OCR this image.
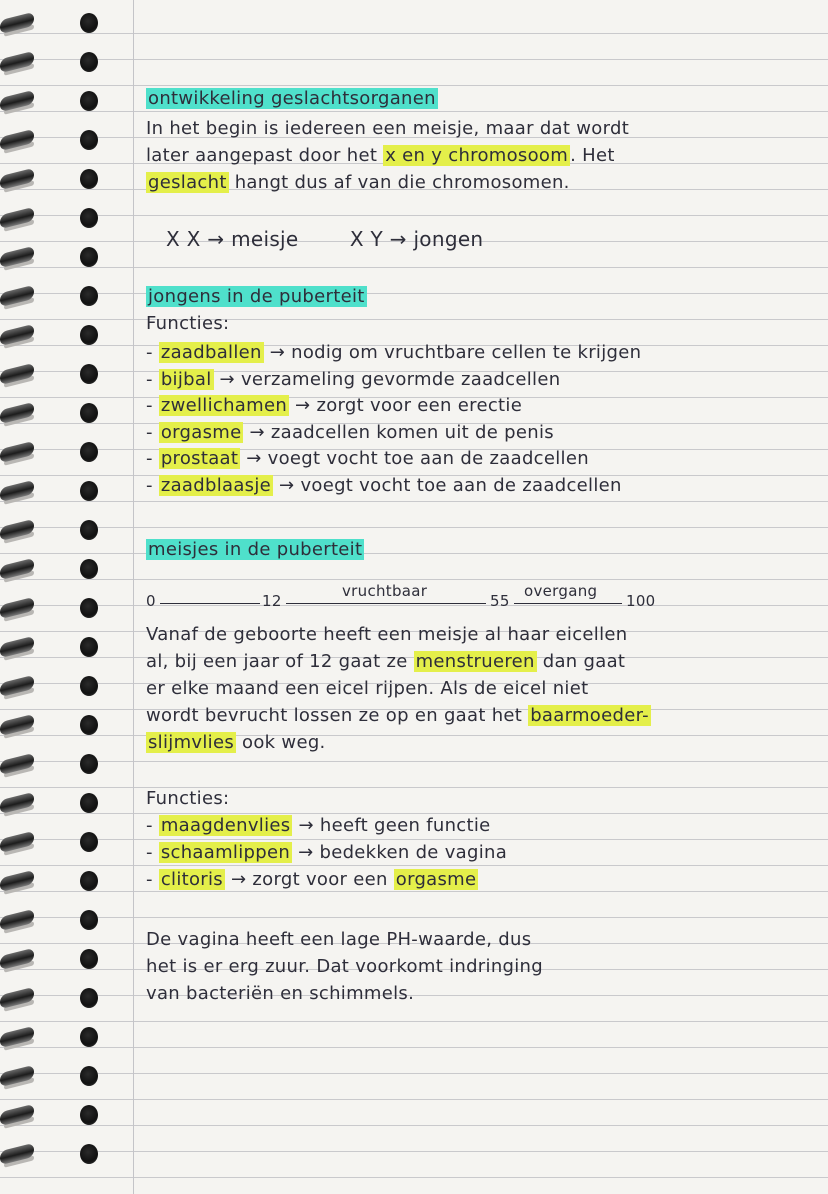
ontwikkeling geslachtsorganen
In het begin is iedereen een meisje, maar dat wordt
later aangepast door het x en y chromosoom . Het
geslacht hangt dus af van die chromosomen.
X X → meisje	X Y → jongen
jongens in de puberteit
Functies:
- zaadballen → nodig om vruchtbare cellen te krijgen
- bijbal → verzameling gevormde zaadcellen
- zwellichamen → zorgt voor een erectie
- orgasme → zaadcellen komen uit de penis
- prostaat → voegt vocht toe aan de zaadcellen
- zaadblaasje → voegt vocht toe aan de zaadcellen
meisjes in de puberteit
0	12
vruchtbaar
55
overgang
100
Vanaf de geboorte heeft een meisje al haar eicellen
al, bij een jaar of 12 gaat ze menstrueren dan gaat
er elke maand een eicel rijpen. Als de eicel niet
wordt bevrucht lossen ze op en gaat het baarmoeder-
slijmvlies ook weg.
Functies:
- maagdenvlies → heeft geen functie
- schaamlippen → bedekken de vagina
- clitoris → zorgt voor een orgasme
De vagina heeft een lage PH-waarde, dus
het is er erg zuur. Dat voorkomt indringing
van bacteriën en schimmels.
